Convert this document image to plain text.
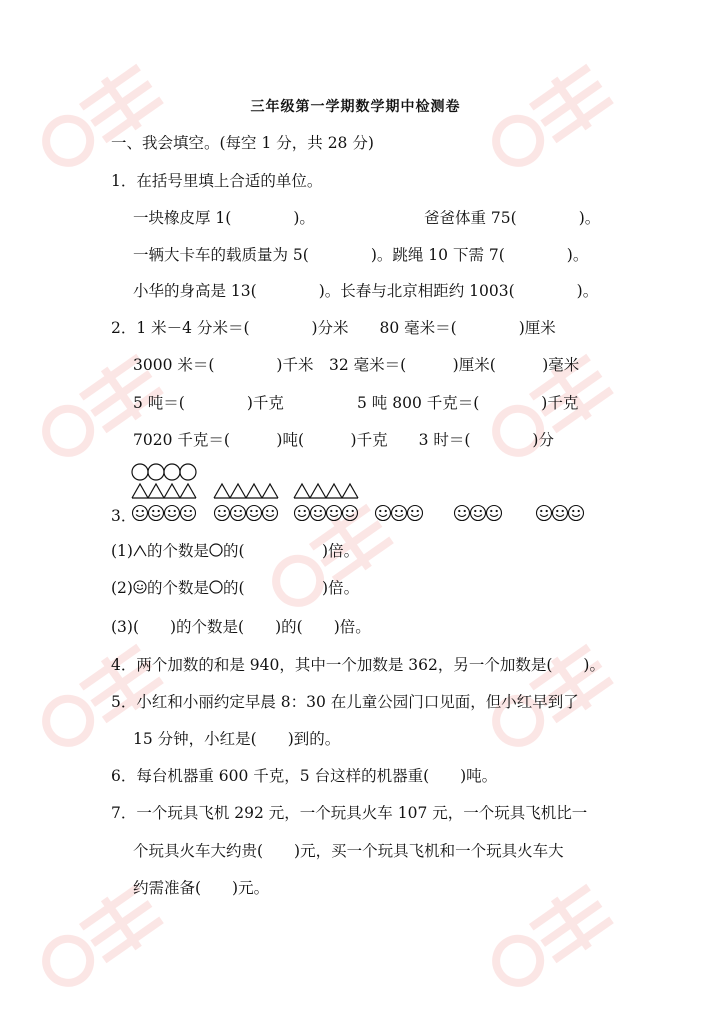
三年级第一学期数学期中检测卷
一、我会填空。(每空 1 分，共 28 分)
1．在括号里填上合适的单位。
一块橡皮厚 1(　　　　)。	爸爸体重 75(　　　　)。
一辆大卡车的载质量为 5(　　　　)。跳绳 10 下需 7(　　　　)。
小华的身高是 13(　　　　)。长春与北京相距约 1003(　　　　)。
2．1 米－4 分米＝(　　　　)分米　　80 毫米＝(　　　　)厘米
3000 米＝(　　　　)千米　32 毫米＝(　　　)厘米(　　　)毫米
5 吨＝(　　　　)千克	5 吨 800 千克＝(　　　　)千克
7020 千克＝(　　　)吨(　　　)千克　　3 时＝(　　　　)分
3．
(1) 的个数是 的(　　　　　)倍。
(2) 的个数是 的(　　　　　)倍。
(3)(　　)的个数是(　　)的(　　)倍。
4．两个加数的和是 940，其中一个加数是 362，另一个加数是(　　)。
5．小红和小丽约定早晨 8：30 在儿童公园门口见面，但小红早到了
15 分钟，小红是(　　)到的。
6．每台机器重 600 千克，5 台这样的机器重(　　)吨。
7．一个玩具飞机 292 元，一个玩具火车 107 元，一个玩具飞机比一
个玩具火车大约贵(　　)元，买一个玩具飞机和一个玩具火车大
约需准备(　　)元。
